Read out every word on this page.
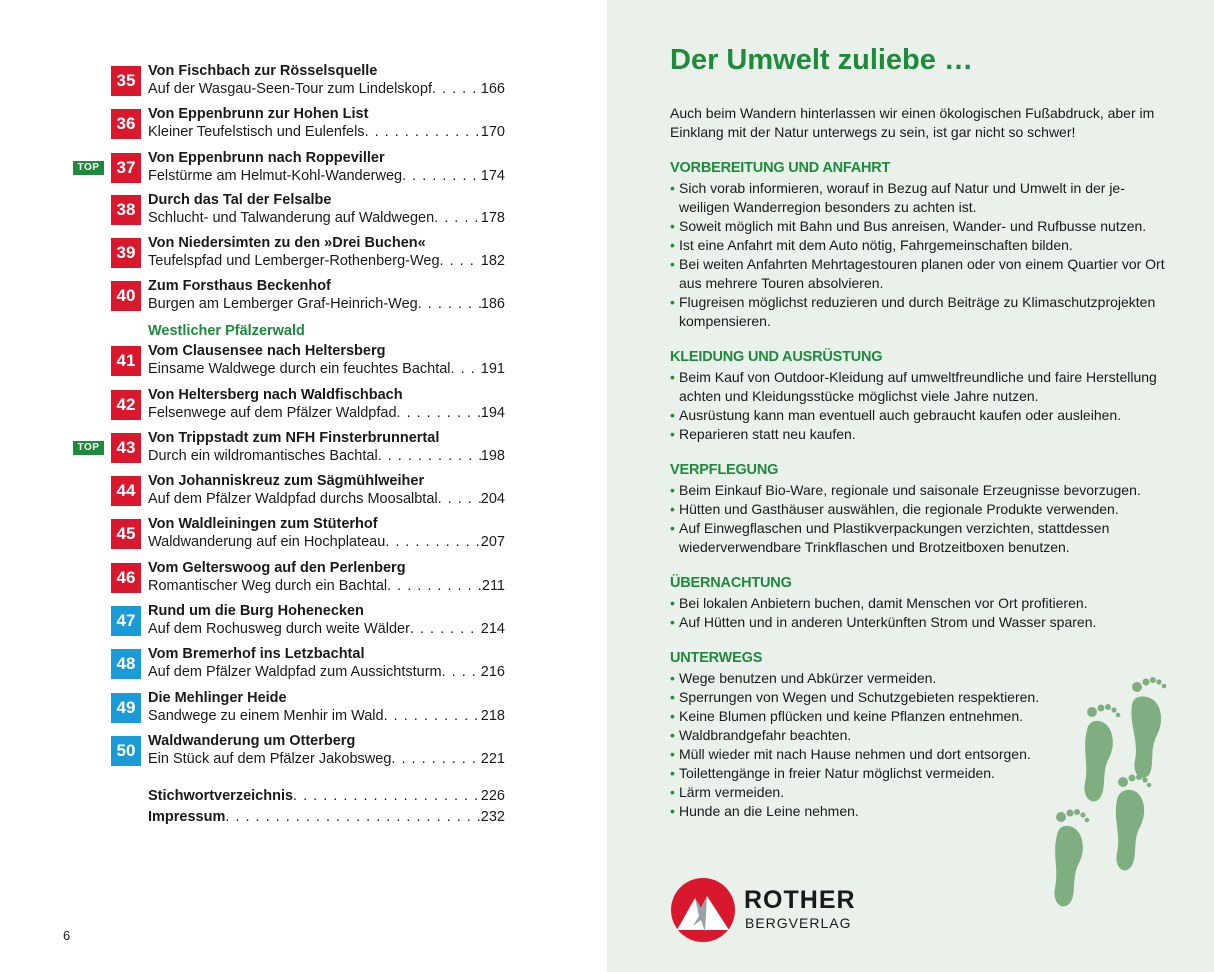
35 Von Fischbach zur Rösselsquelle
Auf der Wasgau-Seen-Tour zum Lindelskopf . . .	166
36 Von Eppenbrunn zur Hohen List
Kleiner Teufelstisch und Eulenfels . . .	170
TOP	37 Von Eppenbrunn nach Roppeviller
Felstürme am Helmut-Kohl-Wanderweg . . .	174
38 Durch das Tal der Felsalbe
Schlucht- und Talwanderung auf Waldwegen . . .	178
39 Von Niedersimten zu den »Drei Buchen«
Teufelspfad und Lemberger-Rothenberg-Weg . . .	182
40 Zum Forsthaus Beckenhof
Burgen am Lemberger Graf-Heinrich-Weg . . .	186
41 Vom Clausensee nach Heltersberg
Einsame Waldwege durch ein feuchtes Bachtal . . . 191
42 Von Heltersberg nach Waldfischbach
Felsenwege auf dem Pfälzer Waldpfad . . .	194
TOP	43 Von Trippstadt zum NFH Finsterbrunnertal
Durch ein wildromantisches Bachtal . . .	198
44 Von Johanniskreuz zum Sägmühlweiher
Auf dem Pfälzer Waldpfad durchs Moosalbtal . . .	204
45 Von Waldleiningen zum Stüterhof
Waldwanderung auf ein Hochplateau . . .	207
46 Vom Gelterswoog auf den Perlenberg
Romantischer Weg durch ein Bachtal . . .	211
47 Rund um die Burg Hohenecken
Auf dem Rochusweg durch weite Wälder . . .	214
48 Vom Bremerhof ins Letzbachtal
Auf dem Pfälzer Waldpfad zum Aussichtsturm . . .	216
49 Die Mehlinger Heide
Sandwege zu einem Menhir im Wald . . .	218
50 Waldwanderung um Otterberg
Ein Stück auf dem Pfälzer Jakobsweg . . .	221
Westlicher Pfälzerwald
Stichwortverzeichnis . . .	226
Impressum . . .	232
6
Der Umwelt zuliebe …
Auch beim Wandern hinterlassen wir einen ökologischen Fußabdruck, aber im Einklang mit der Natur unterwegs zu sein, ist gar nicht so schwer!
VORBEREITUNG UND ANFAHRT
• Sich vorab informieren, worauf in Bezug auf Natur und Umwelt in der jeweiligen Wanderregion besonders zu achten ist.
• Soweit möglich mit Bahn und Bus anreisen, Wander- und Rufbusse nutzen.
• Ist eine Anfahrt mit dem Auto nötig, Fahrgemeinschaften bilden.
• Bei weiten Anfahrten Mehrtagestouren planen oder von einem Quartier vor Ort aus mehrere Touren absolvieren.
• Flugreisen möglichst reduzieren und durch Beiträge zu Klimaschutzprojekten kompensieren.
KLEIDUNG UND AUSRÜSTUNG
• Beim Kauf von Outdoor-Kleidung auf umweltfreundliche und faire Herstellung achten und Kleidungsstücke möglichst viele Jahre nutzen.
• Ausrüstung kann man eventuell auch gebraucht kaufen oder ausleihen.
• Reparieren statt neu kaufen.
VERPFLEGUNG
• Beim Einkauf Bio-Ware, regionale und saisonale Erzeugnisse bevorzugen.
• Hütten und Gasthäuser auswählen, die regionale Produkte verwenden.
• Auf Einwegflaschen und Plastikverpackungen verzichten, stattdessen wiederverwendbare Trinkflaschen und Brotzeitboxen benutzen.
ÜBERNACHTUNG
• Bei lokalen Anbietern buchen, damit Menschen vor Ort profitieren.
• Auf Hütten und in anderen Unterkünften Strom und Wasser sparen.
UNTERWEGS
• Wege benutzen und Abkürzer vermeiden.
• Sperrungen von Wegen und Schutzgebieten respektieren.
• Keine Blumen pflücken und keine Pflanzen entnehmen.
• Waldbrandgefahr beachten.
• Müll wieder mit nach Hause nehmen und dort entsorgen.
• Toilettengänge in freier Natur möglichst vermeiden.
• Lärm vermeiden.
• Hunde an die Leine nehmen.
ROTHER
BERGVERLAG
